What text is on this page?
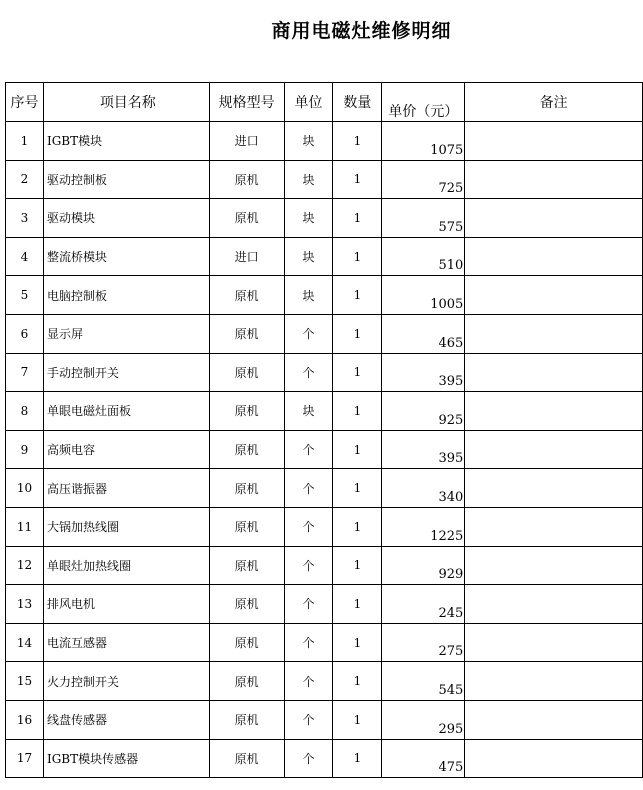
商用电磁灶维修明细
序号	项目名称	规格型号	单位	数量	单价（元）	备注
1	IGBT模块	进口	块	1	1075	

2	驱动控制板	原机	块	1	725	

3	驱动模块	原机	块	1	575	

4	整流桥模块	进口	块	1	510	

5	电脑控制板	原机	块	1	1005	

6	显示屏	原机	个	1	465	

7	手动控制开关	原机	个	1	395	

8	单眼电磁灶面板	原机	块	1	925	

9	高频电容	原机	个	1	395	

10	高压谐振器	原机	个	1	340	

11	大锅加热线圈	原机	个	1	1225	

12	单眼灶加热线圈	原机	个	1	929	

13	排风电机	原机	个	1	245	

14	电流互感器	原机	个	1	275	

15	火力控制开关	原机	个	1	545	

16	线盘传感器	原机	个	1	295	

17	IGBT模块传感器	原机	个	1	475	
